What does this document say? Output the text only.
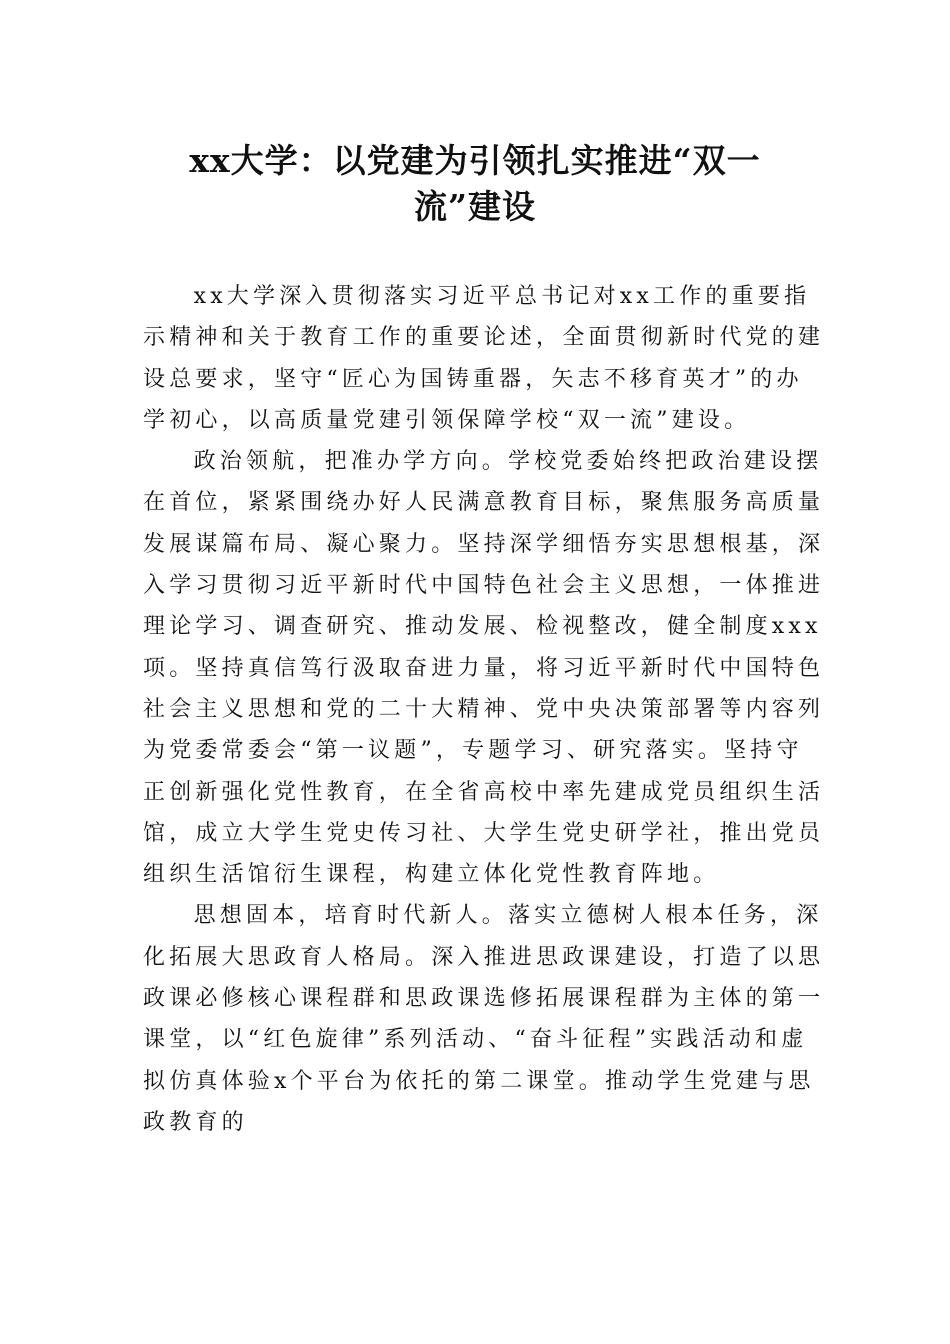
xx大学：以党建为引领扎实推进“双一
流”建设

xx大学深入贯彻落实习近平总书记对xx工作的重要指示精神和关于教育工作的重要论述，全面贯彻新时代党的建设总要求，坚守“匠心为国铸重器，矢志不移育英才”的办学初心，以高质量党建引领保障学校“双一流”建设。

政治领航，把准办学方向。学校党委始终把政治建设摆在首位，紧紧围绕办好人民满意教育目标，聚焦服务高质量发展谋篇布局、凝心聚力。坚持深学细悟夯实思想根基，深入学习贯彻习近平新时代中国特色社会主义思想，一体推进理论学习、调查研究、推动发展、检视整改，健全制度xxx项。坚持真信笃行汲取奋进力量，将习近平新时代中国特色社会主义思想和党的二十大精神、党中央决策部署等内容列为党委常委会“第一议题”，专题学习、研究落实。坚持守正创新强化党性教育，在全省高校中率先建成党员组织生活馆，成立大学生党史传习社、大学生党史研学社，推出党员组织生活馆衍生课程，构建立体化党性教育阵地。

思想固本，培育时代新人。落实立德树人根本任务，深化拓展大思政育人格局。深入推进思政课建设，打造了以思政课必修核心课程群和思政课选修拓展课程群为主体的第一课堂，以“红色旋律”系列活动、“奋斗征程”实践活动和虚拟仿真体验x个平台为依托的第二课堂。推动学生党建与思政教育的
